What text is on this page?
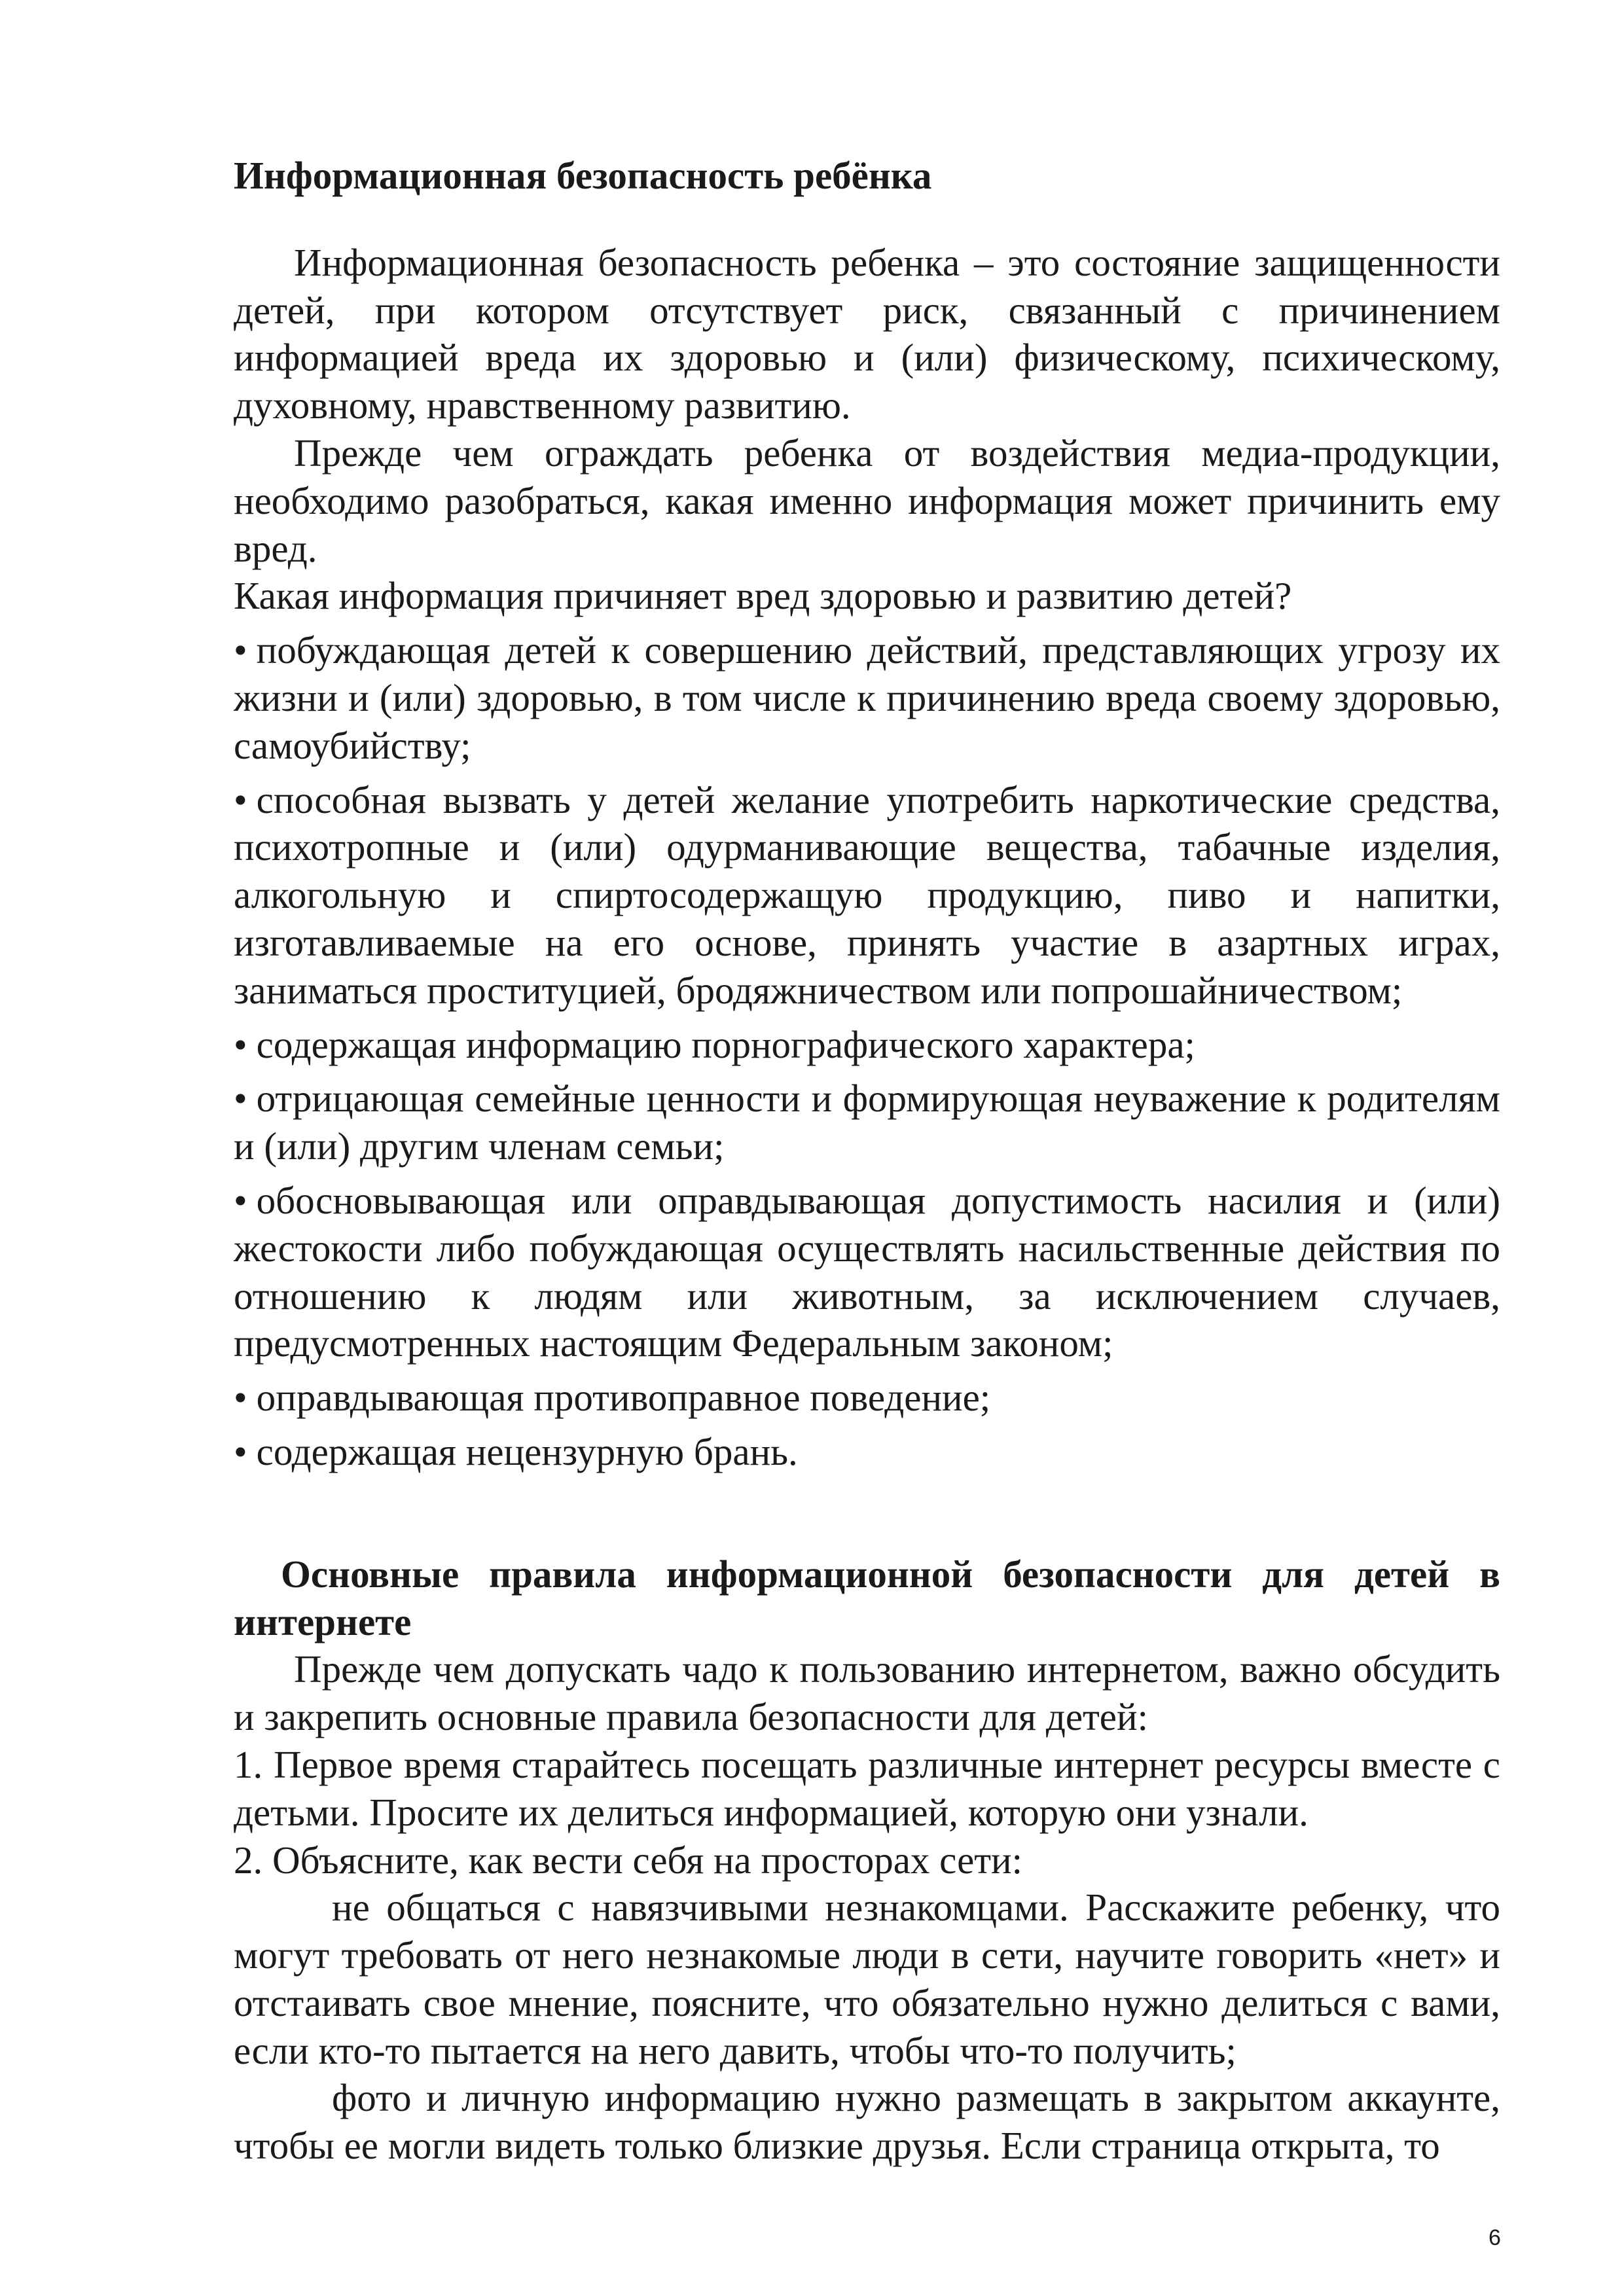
Информационная безопасность ребёнка

Информационная безопасность ребенка – это состояние защищенности детей, при котором отсутствует риск, связанный с причинением информацией вреда их здоровью и (или) физическому, психическому, духовному, нравственному развитию.

Прежде чем ограждать ребенка от воздействия медиа-продукции, необходимо разобраться, какая именно информация может причинить ему вред.

Какая информация причиняет вред здоровью и развитию детей?

• побуждающая детей к совершению действий, представляющих угрозу их жизни и (или) здоровью, в том числе к причинению вреда своему здоровью, самоубийству;
• способная вызвать у детей желание употребить наркотические средства, психотропные и (или) одурманивающие вещества, табачные изделия, алкогольную и спиртосодержащую продукцию, пиво и напитки, изготавливаемые на его основе, принять участие в азартных играх, заниматься проституцией, бродяжничеством или попрошайничеством;
• содержащая информацию порнографического характера;
• отрицающая семейные ценности и формирующая неуважение к родителям и (или) другим членам семьи;
• обосновывающая или оправдывающая допустимость насилия и (или) жестокости либо побуждающая осуществлять насильственные действия по отношению к людям или животным, за исключением случаев, предусмотренных настоящим Федеральным законом;
• оправдывающая противоправное поведение;
• содержащая нецензурную брань.
Основные правила информационной безопасности для детей в интернете

Прежде чем допускать чадо к пользованию интернетом, важно обсудить и закрепить основные правила безопасности для детей:

1. Первое время старайтесь посещать различные интернет ресурсы вместе с детьми. Просите их делиться информацией, которую они узнали.

2. Объясните, как вести себя на просторах сети:

не общаться с навязчивыми незнакомцами. Расскажите ребенку, что могут требовать от него незнакомые люди в сети, научите говорить «нет» и отстаивать свое мнение, поясните, что обязательно нужно делиться с вами, если кто-то пытается на него давить, чтобы что-то получить;

фото и личную информацию нужно размещать в закрытом аккаунте, чтобы ее могли видеть только близкие друзья. Если страница открыта, то

6
